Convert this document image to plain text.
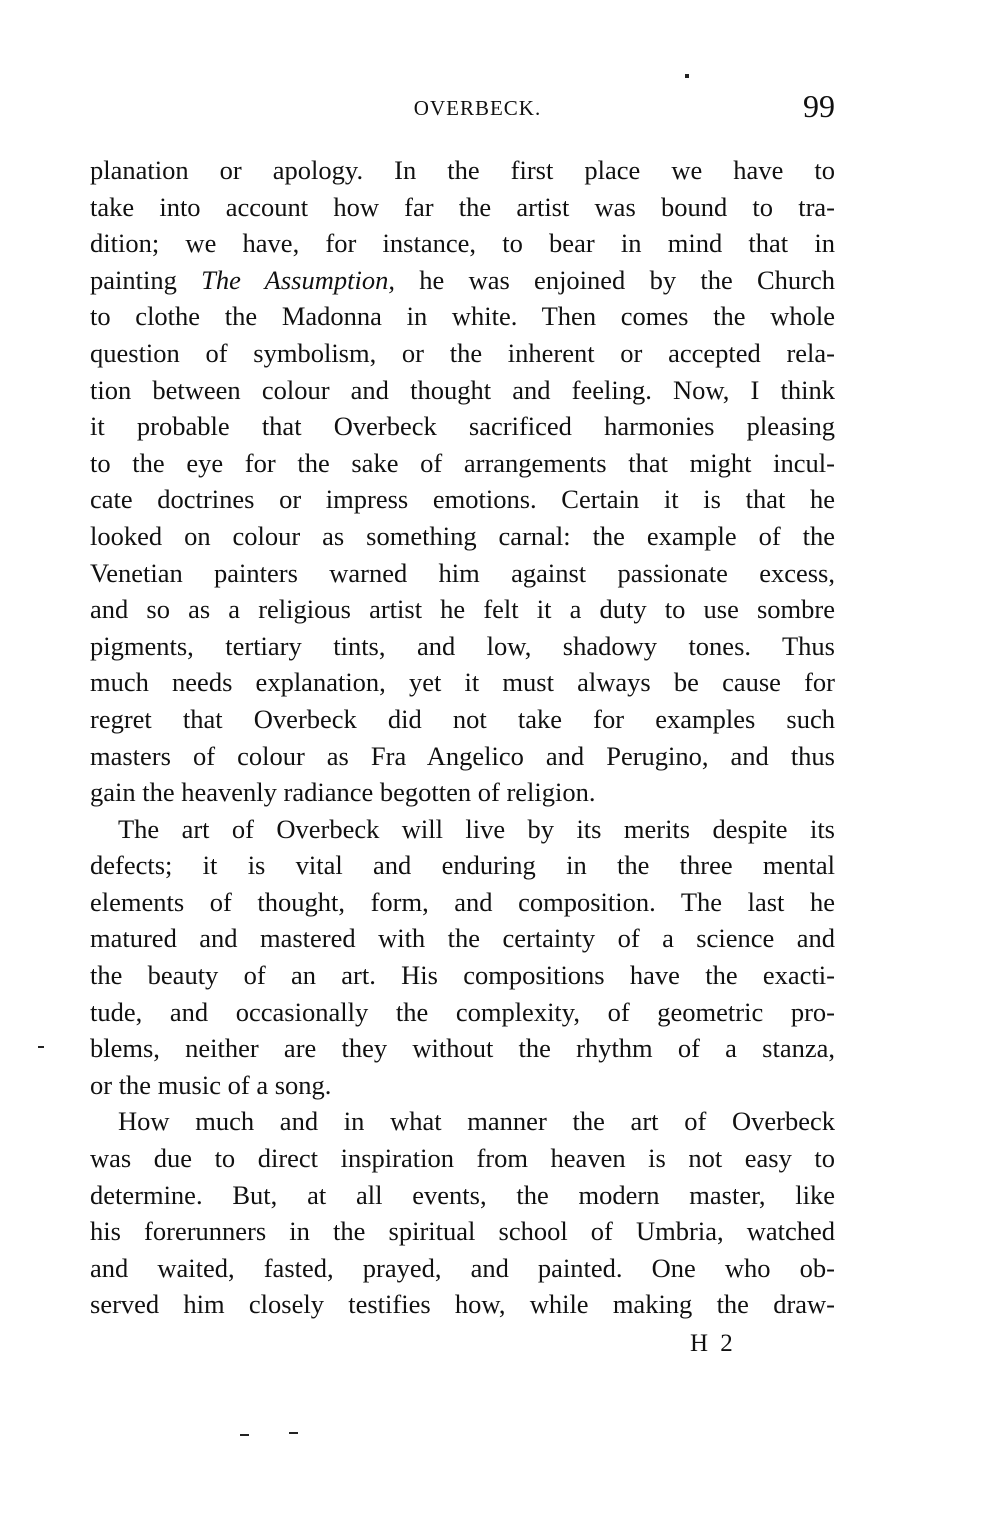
OVERBECK.	99
planation or apology. In the first place we have to
take into account how far the artist was bound to tra-
dition; we have, for instance, to bear in mind that in
painting The Assumption, he was enjoined by the Church
to clothe the Madonna in white. Then comes the whole
question of symbolism, or the inherent or accepted rela-
tion between colour and thought and feeling. Now, I think
it probable that Overbeck sacrificed harmonies pleasing
to the eye for the sake of arrangements that might incul-
cate doctrines or impress emotions. Certain it is that he
looked on colour as something carnal: the example of the
Venetian painters warned him against passionate excess,
and so as a religious artist he felt it a duty to use sombre
pigments, tertiary tints, and low, shadowy tones. Thus
much needs explanation, yet it must always be cause for
regret that Overbeck did not take for examples such
masters of colour as Fra Angelico and Perugino, and thus
gain the heavenly radiance begotten of religion.
The art of Overbeck will live by its merits despite its
defects; it is vital and enduring in the three mental
elements of thought, form, and composition. The last he
matured and mastered with the certainty of a science and
the beauty of an art. His compositions have the exacti-
tude, and occasionally the complexity, of geometric pro-
blems, neither are they without the rhythm of a stanza,
or the music of a song.
How much and in what manner the art of Overbeck
was due to direct inspiration from heaven is not easy to
determine. But, at all events, the modern master, like
his forerunners in the spiritual school of Umbria, watched
and waited, fasted, prayed, and painted. One who ob-
served him closely testifies how, while making the draw-
H 2
